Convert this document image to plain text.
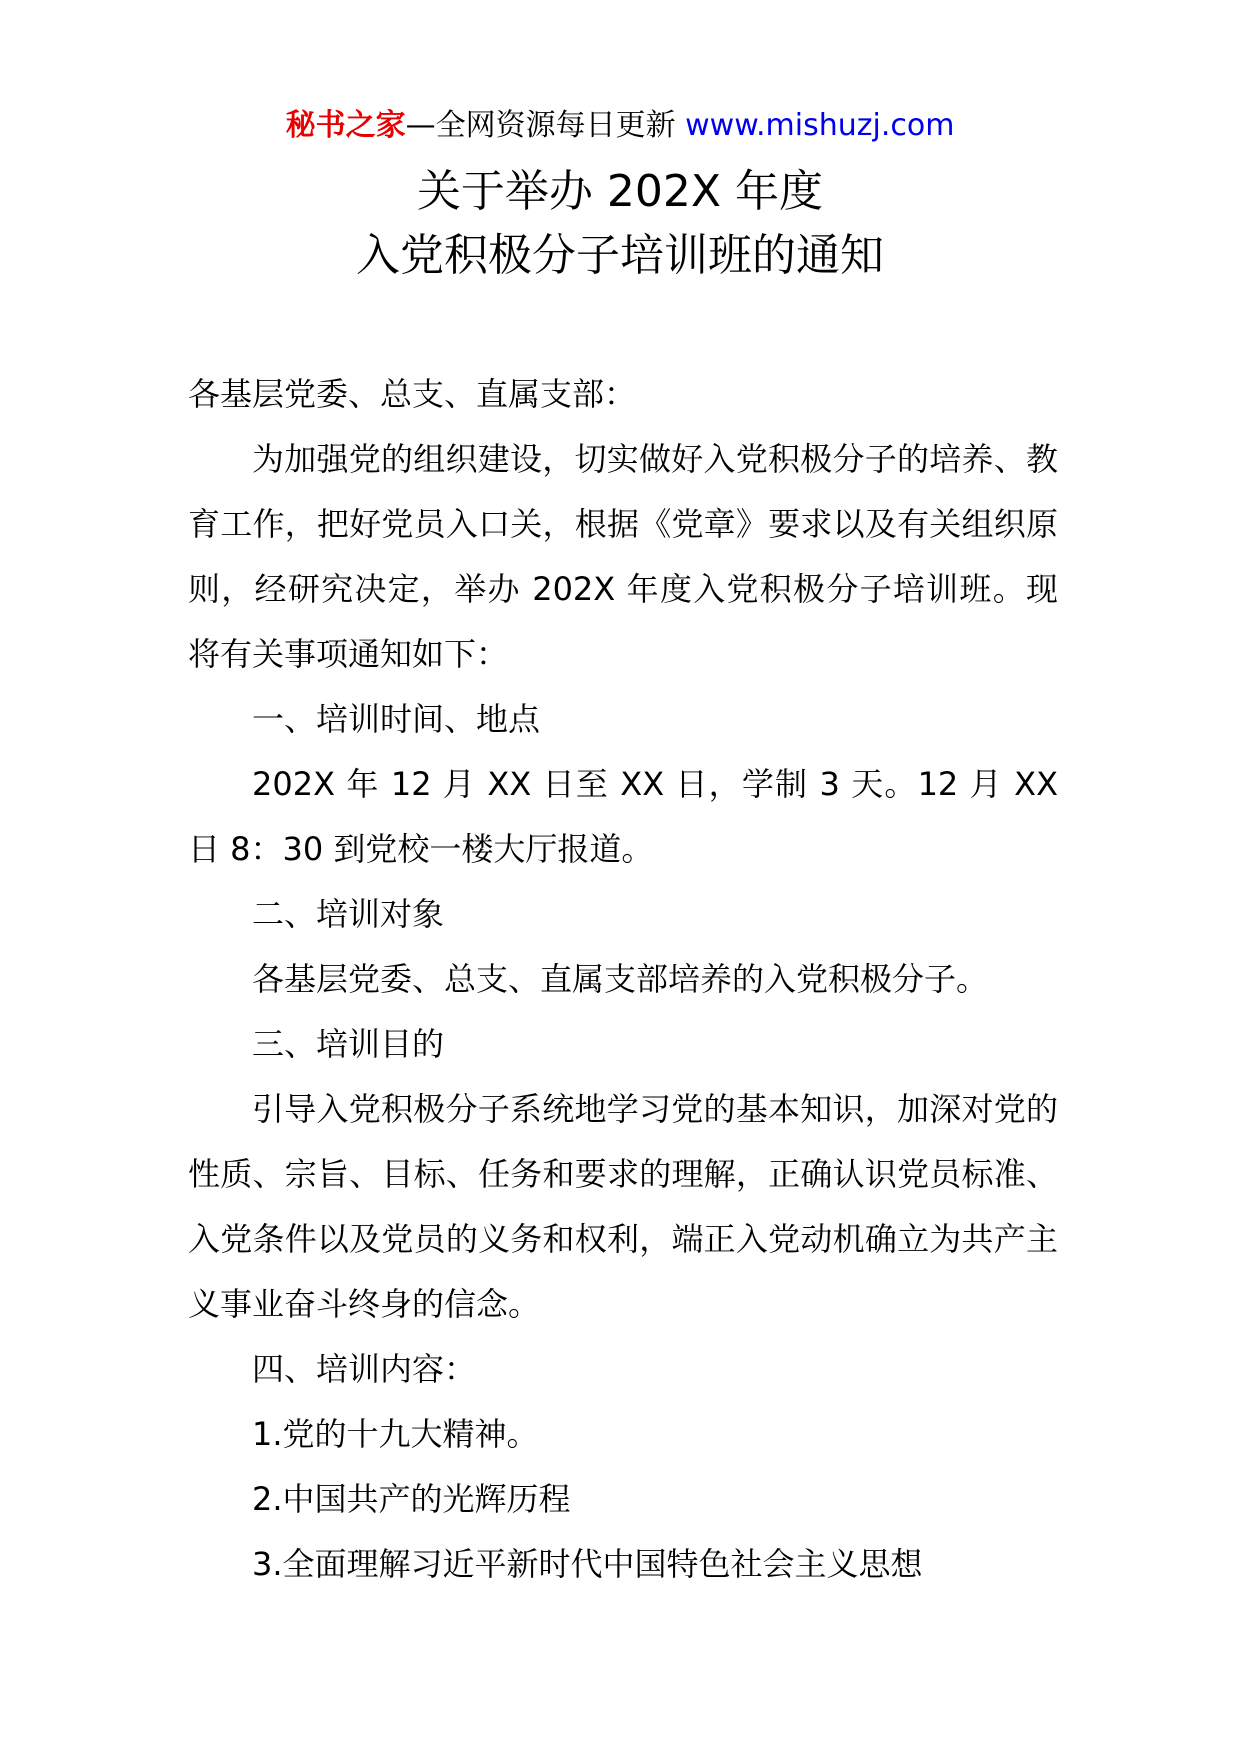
秘书之家—全网资源每日更新 www.mishuzj.com
关于举办 202X 年度
入党积极分子培训班的通知

各基层党委、总支、直属支部：

为加强党的组织建设，切实做好入党积极分子的培养、教育工作，把好党员入口关，根据《党章》要求以及有关组织原则，经研究决定，举办 202X 年度入党积极分子培训班。现将有关事项通知如下：

一、培训时间、地点

202X 年 12 月 XX 日至 XX 日，学制 3 天。12 月 XX 日 8：30 到党校一楼大厅报道。

二、培训对象

各基层党委、总支、直属支部培养的入党积极分子。

三、培训目的

引导入党积极分子系统地学习党的基本知识，加深对党的性质、宗旨、目标、任务和要求的理解，正确认识党员标准、入党条件以及党员的义务和权利，端正入党动机确立为共产主义事业奋斗终身的信念。

四、培训内容：

1.党的十九大精神。

2.中国共产的光辉历程

3.全面理解习近平新时代中国特色社会主义思想
